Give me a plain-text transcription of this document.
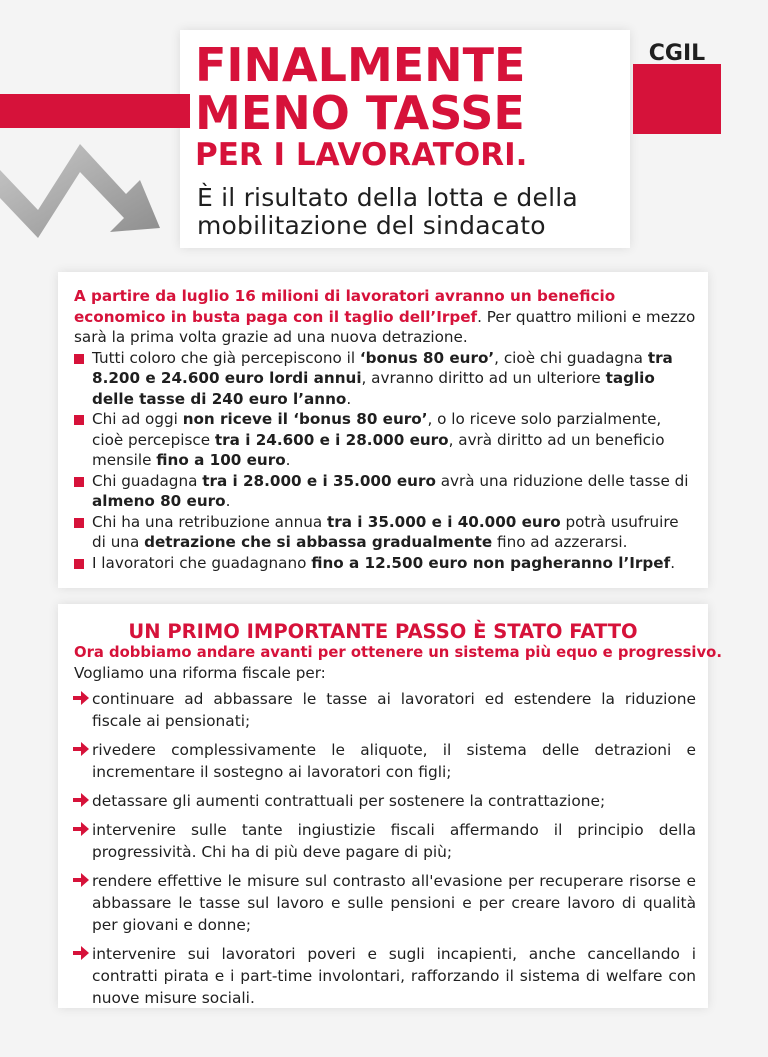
CGIL
FINALMENTE
MENO TASSE
PER I LAVORATORI.
È il risultato della lotta e della
mobilitazione del sindacato
A partire da luglio 16 milioni di lavoratori avranno un beneficio economico in busta paga con il taglio dell’Irpef. Per quattro milioni e mezzo sarà la prima volta grazie ad una nuova detrazione.
Tutti coloro che già percepiscono il ‘bonus 80 euro’, cioè chi guadagna tra 8.200 e 24.600 euro lordi annui, avranno diritto ad un ulteriore taglio delle tasse di 240 euro l’anno.
Chi ad oggi non riceve il ‘bonus 80 euro’, o lo riceve solo parzialmente, cioè percepisce tra i 24.600 e i 28.000 euro, avrà diritto ad un beneficio mensile fino a 100 euro.
Chi guadagna tra i 28.000 e i 35.000 euro avrà una riduzione delle tasse di almeno 80 euro.
Chi ha una retribuzione annua tra i 35.000 e i 40.000 euro potrà usufruire di una detrazione che si abbassa gradualmente fino ad azzerarsi.
I lavoratori che guadagnano fino a 12.500 euro non pagheranno l’Irpef.
UN PRIMO IMPORTANTE PASSO È STATO FATTO
Ora dobbiamo andare avanti per ottenere un sistema più equo e progressivo.
Vogliamo una riforma fiscale per:
continuare ad abbassare le tasse ai lavoratori ed estendere la riduzione fiscale ai pensionati;
rivedere complessivamente le aliquote, il sistema delle detrazioni e incrementare il sostegno ai lavoratori con figli;
detassare gli aumenti contrattuali per sostenere la contrattazione;
intervenire sulle tante ingiustizie fiscali affermando il principio della progressività. Chi ha di più deve pagare di più;
rendere effettive le misure sul contrasto all'evasione per recuperare risorse e abbassare le tasse sul lavoro e sulle pensioni e per creare lavoro di qualità per giovani e donne;
intervenire sui lavoratori poveri e sugli incapienti, anche cancellando i contratti pirata e i part-time involontari, rafforzando il sistema di welfare con nuove misure sociali.
